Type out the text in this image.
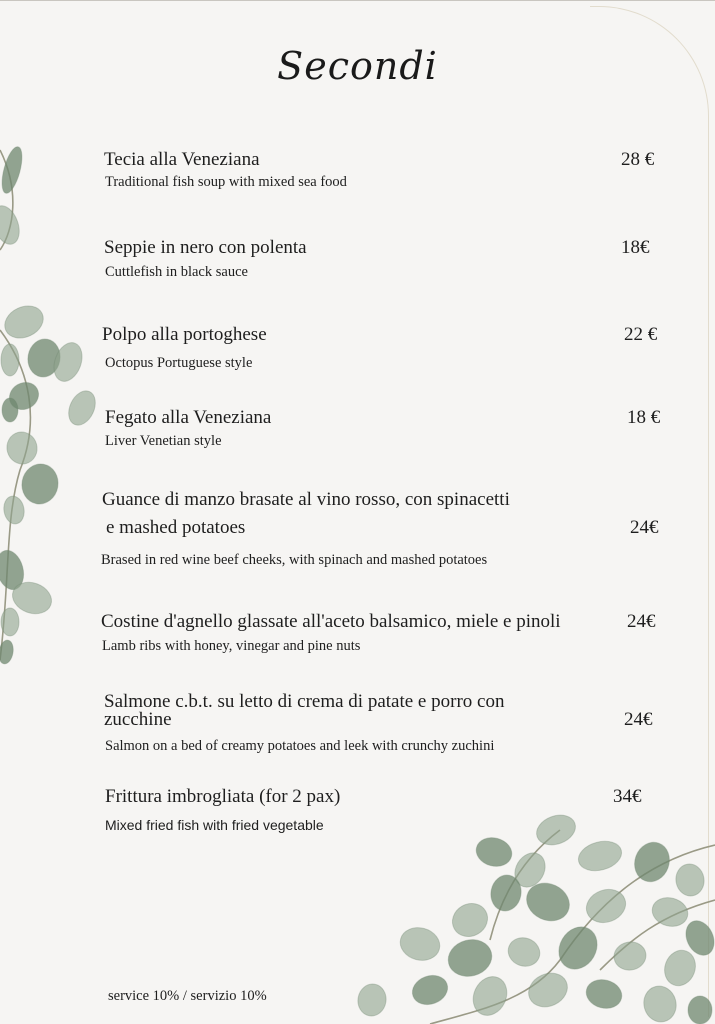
Secondi
Tecia alla Veneziana
Traditional fish soup with mixed sea food
28 €
Seppie in nero con polenta
Cuttlefish in black sauce
18€
Polpo alla portoghese
Octopus Portuguese style
22 €
Fegato alla Veneziana
Liver Venetian style
18 €
Guance di manzo brasate al vino rosso, con spinacetti
e mashed potatoes
Brased in red wine beef cheeks, with spinach and mashed potatoes
24€
Costine d'agnello glassate all'aceto balsamico, miele e pinoli
Lamb ribs with honey, vinegar and pine nuts
24€
Salmone c.b.t. su letto di crema di patate e porro con
zucchine
Salmon on a bed of creamy potatoes and leek with crunchy zuchini
24€
Frittura imbrogliata (for 2 pax)
Mixed fried fish with fried vegetable
34€
service 10% / servizio 10%
